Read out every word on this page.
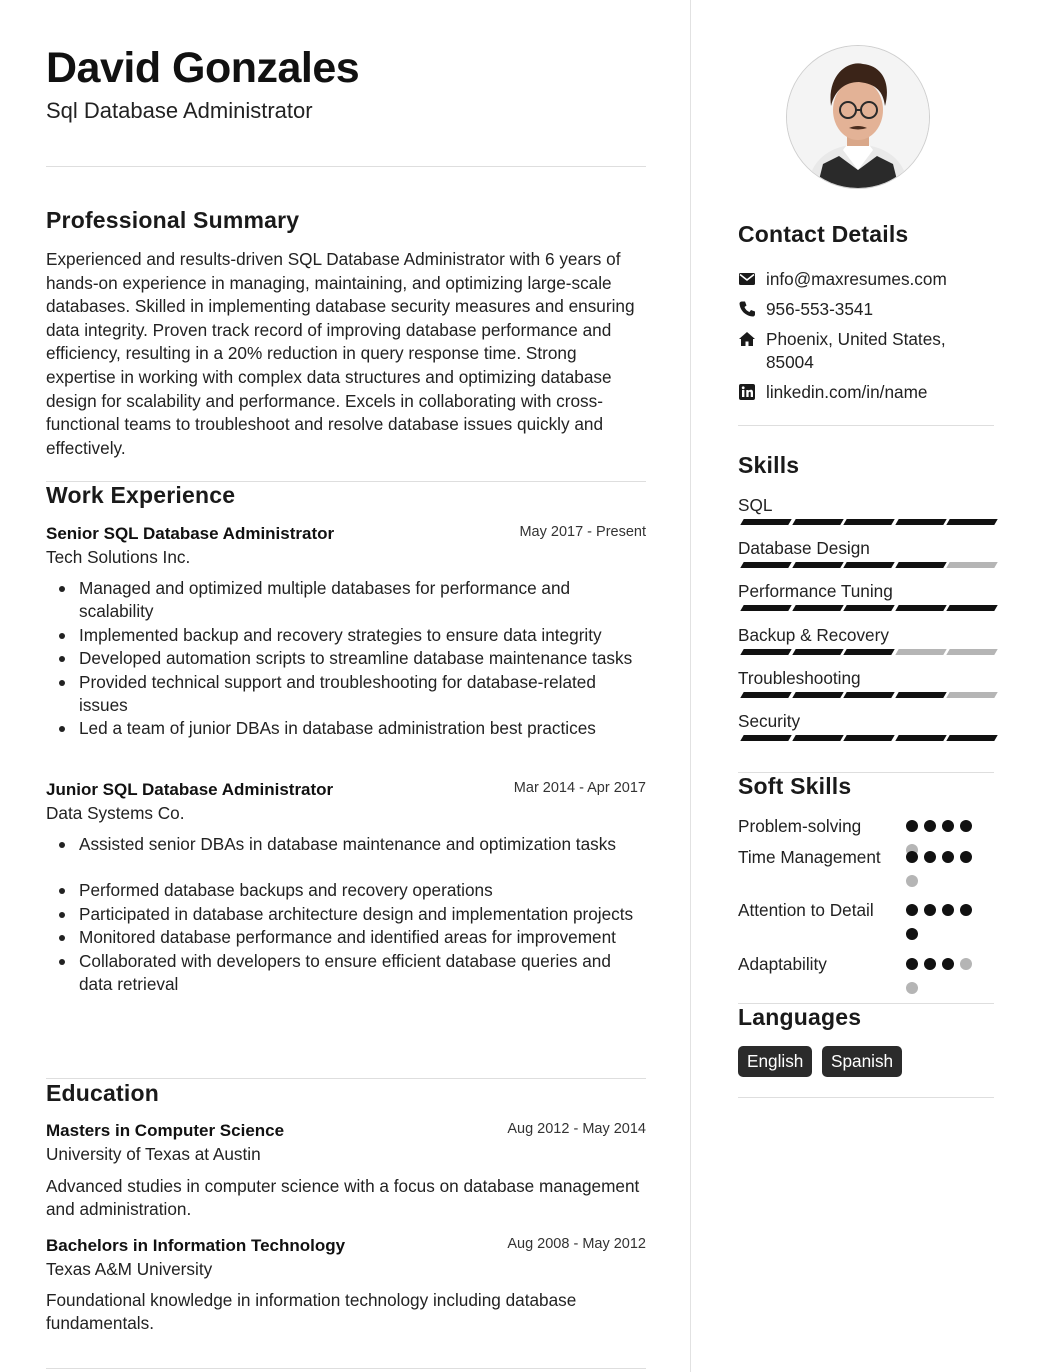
David Gonzales
Sql Database Administrator
Professional Summary

Experienced and results-driven SQL Database Administrator with 6 years of hands-on experience in managing, maintaining, and optimizing large-scale databases. Skilled in implementing database security measures and ensuring data integrity. Proven track record of improving database performance and efficiency, resulting in a 20% reduction in query response time. Strong expertise in working with complex data structures and optimizing database design for scalability and performance. Excels in collaborating with cross-functional teams to troubleshoot and resolve database issues quickly and effectively.

Work Experience
Senior SQL Database Administrator	May 2017 - Present
Tech Solutions Inc.
Managed and optimized multiple databases for performance and scalability
Implemented backup and recovery strategies to ensure data integrity
Developed automation scripts to streamline database maintenance tasks
Provided technical support and troubleshooting for database-related issues
Led a team of junior DBAs in database administration best practices
Junior SQL Database Administrator	Mar 2014 - Apr 2017
Data Systems Co.
Assisted senior DBAs in database maintenance and optimization tasks
Performed database backups and recovery operations
Participated in database architecture design and implementation projects
Monitored database performance and identified areas for improvement
Collaborated with developers to ensure efficient database queries and data retrieval
Education
Masters in Computer Science	Aug 2012 - May 2014
University of Texas at Austin

Advanced studies in computer science with a focus on database management and administration.

Bachelors in Information Technology	Aug 2008 - May 2012
Texas A&M University

Foundational knowledge in information technology including database fundamentals.

Contact Details
info@maxresumes.com
956-553-3541
Phoenix, United States, 85004
linkedin.com/in/name
Skills
SQL
Database Design
Performance Tuning
Backup & Recovery
Troubleshooting
Security
Soft Skills
Problem-solving
Time Management
Attention to Detail
Adaptability
Languages
English	Spanish
